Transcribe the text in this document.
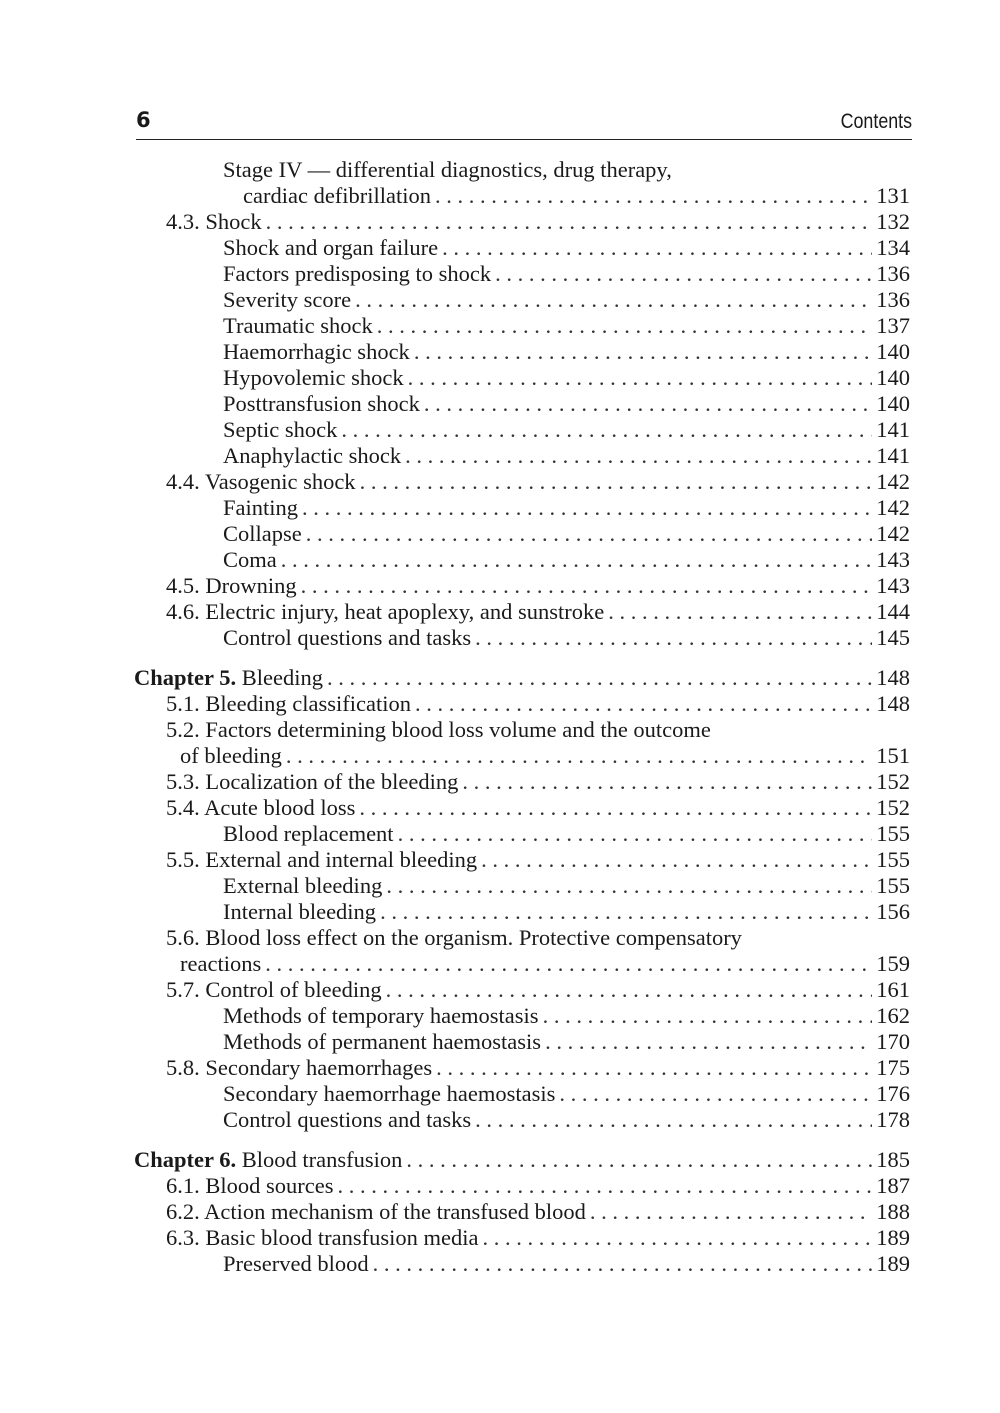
6	Contents
Stage IV — differential diagnostics, drug therapy,
cardiac defibrillation . . .	131
4.3. Shock . . .	132
Shock and organ failure . . .	134
Factors predisposing to shock . . .	136
Severity score . . .	136
Traumatic shock . . .	137
Haemorrhagic shock . . .	140
Hypovolemic shock . . .	140
Posttransfusion shock . . .	140
Septic shock . . .	141
Anaphylactic shock . . .	141
4.4. Vasogenic shock . . .	142
Fainting . . .	142
Collapse . . .	142
Coma . . .	143
4.5. Drowning . . .	143
4.6. Electric injury, heat apoplexy, and sunstroke . . .	144
Control questions and tasks . . .	145
Chapter 5. Bleeding . . .	148
5.1. Bleeding classification . . .	148
5.2. Factors determining blood loss volume and the outcome
of bleeding . . .	151
5.3. Localization of the bleeding . . .	152
5.4. Acute blood loss . . .	152
Blood replacement . . .	155
5.5. External and internal bleeding . . .	155
External bleeding . . .	155
Internal bleeding . . .	156
5.6. Blood loss effect on the organism. Protective compensatory
reactions . . .	159
5.7. Control of bleeding . . .	161
Methods of temporary haemostasis . . .	162
Methods of permanent haemostasis . . .	170
5.8. Secondary haemorrhages . . .	175
Secondary haemorrhage haemostasis . . .	176
Control questions and tasks . . .	178
Chapter 6. Blood transfusion . . .	185
6.1. Blood sources . . .	187
6.2. Action mechanism of the transfused blood . . .	188
6.3. Basic blood transfusion media . . .	189
Preserved blood . . .	189
